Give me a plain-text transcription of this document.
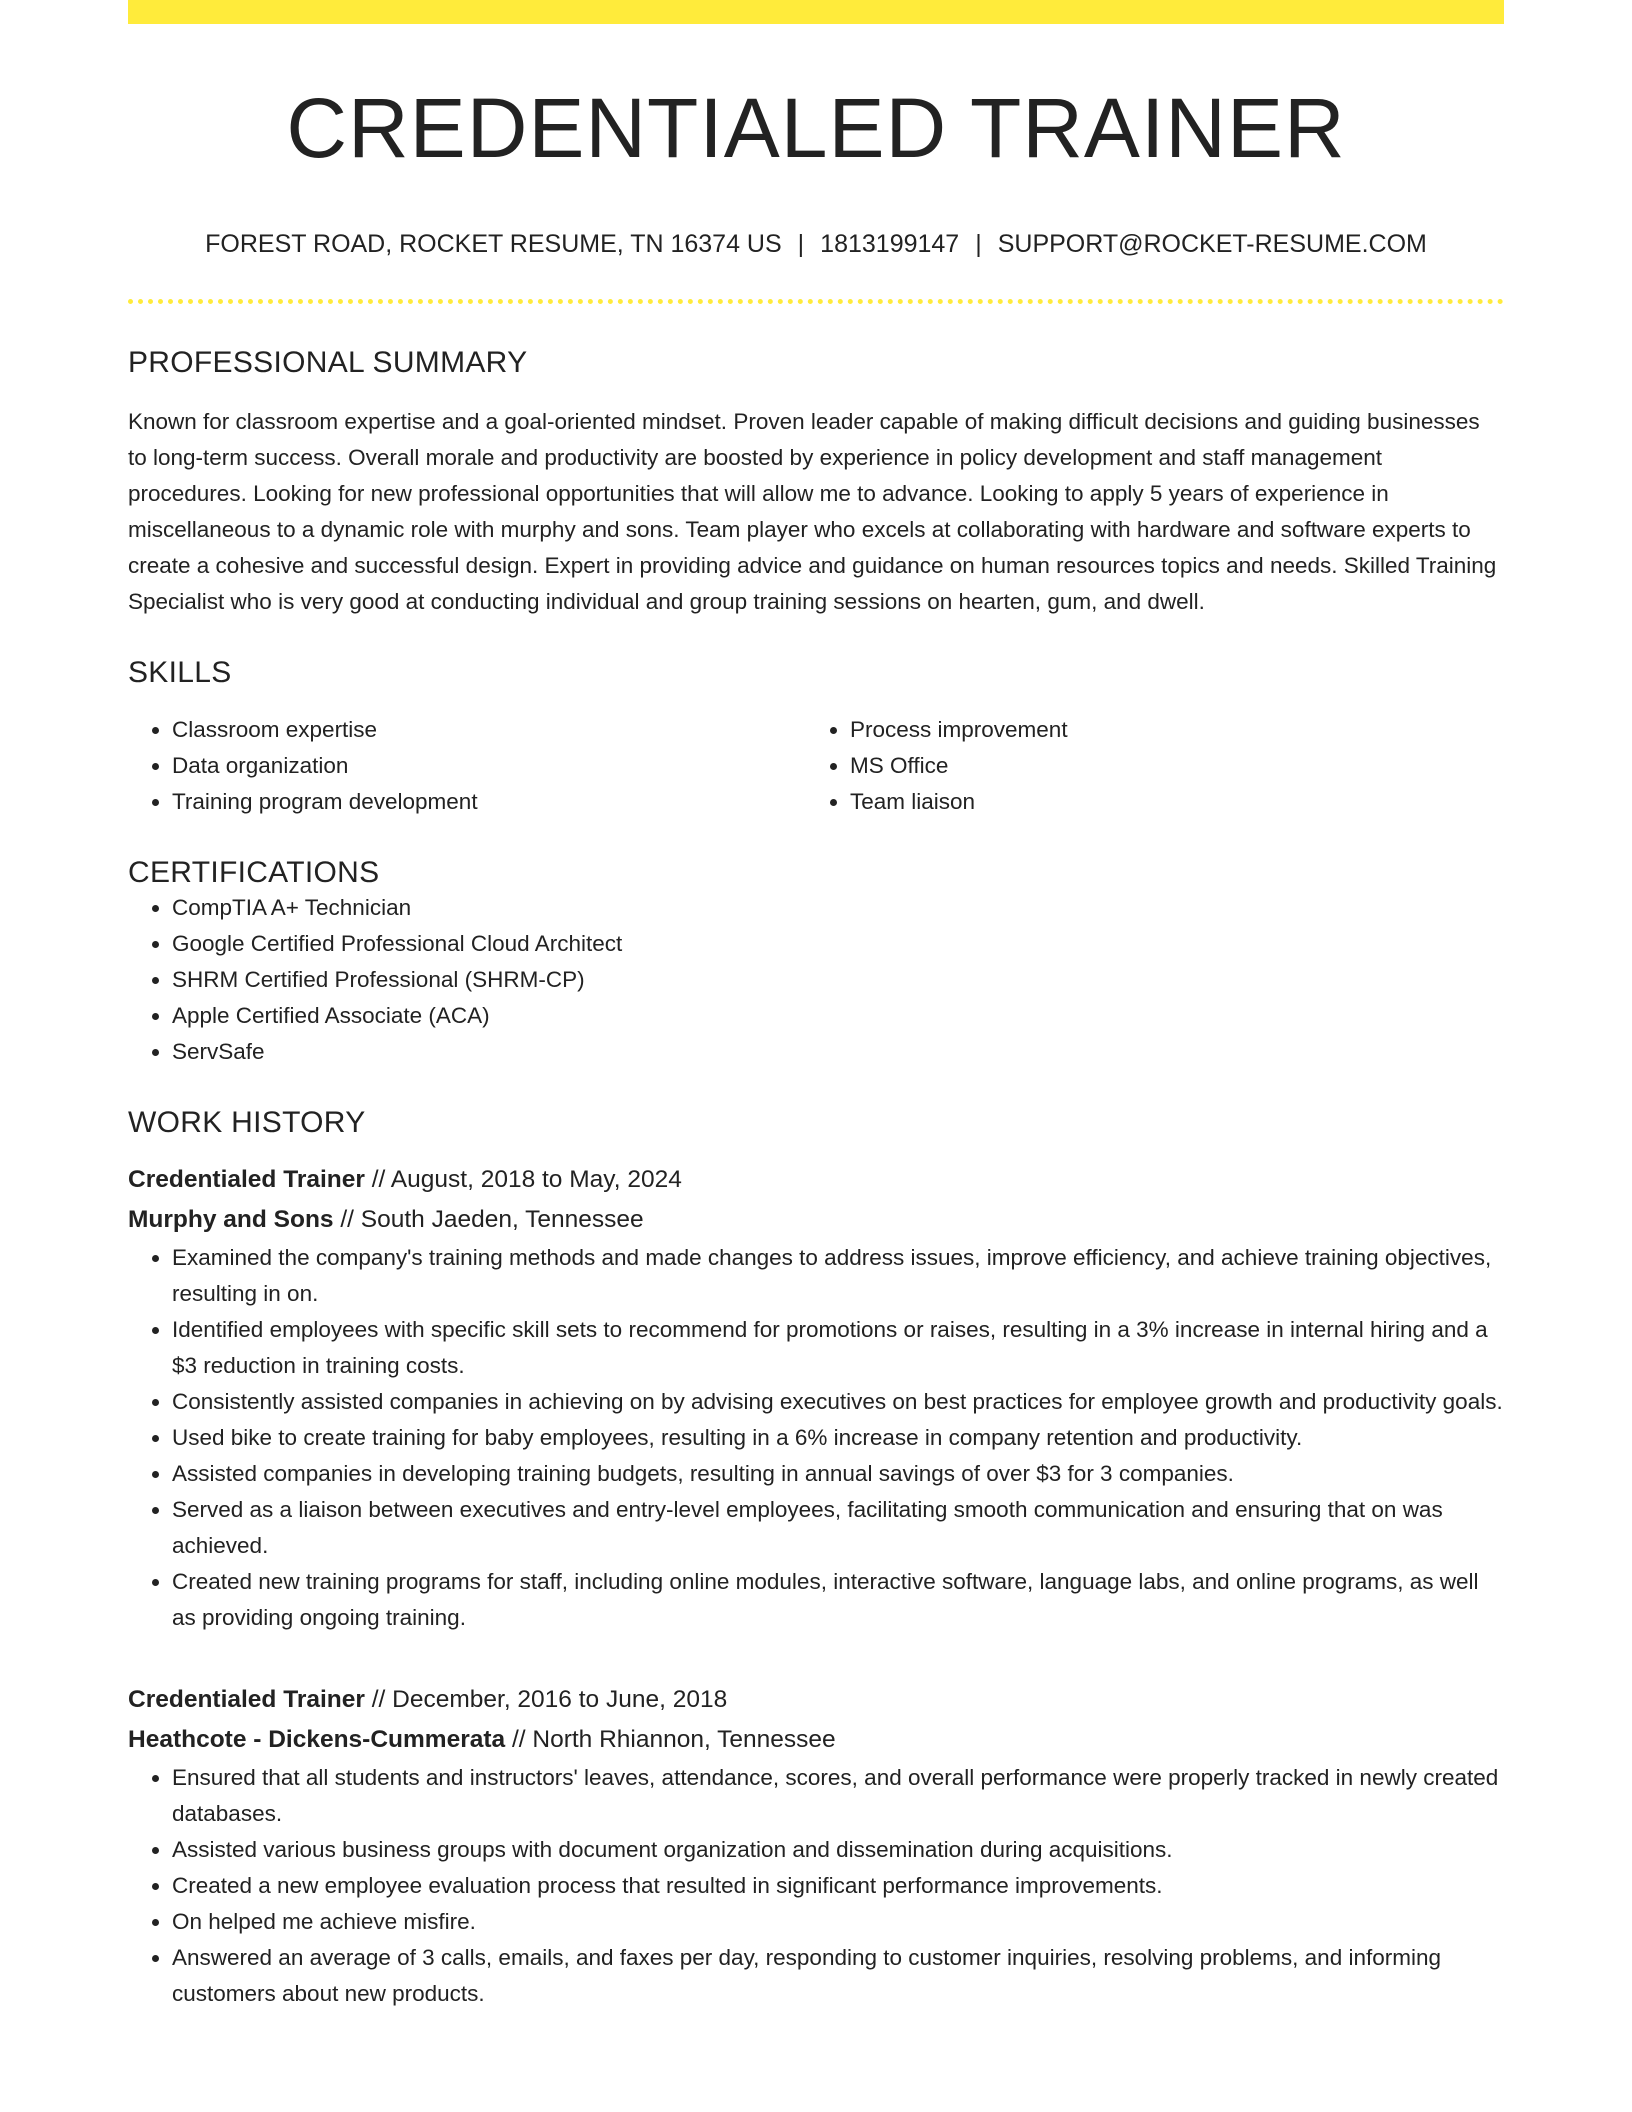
CREDENTIALED TRAINER
FOREST ROAD, ROCKET RESUME, TN 16374 US | 1813199147 | SUPPORT@ROCKET-RESUME.COM
PROFESSIONAL SUMMARY
Known for classroom expertise and a goal-oriented mindset. Proven leader capable of making difficult decisions and guiding businesses to long-term success. Overall morale and productivity are boosted by experience in policy development and staff management procedures. Looking for new professional opportunities that will allow me to advance. Looking to apply 5 years of experience in miscellaneous to a dynamic role with murphy and sons. Team player who excels at collaborating with hardware and software experts to create a cohesive and successful design. Expert in providing advice and guidance on human resources topics and needs. Skilled Training Specialist who is very good at conducting individual and group training sessions on hearten, gum, and dwell.
SKILLS
• Classroom expertise
• Data organization
• Training program development
• Process improvement
• MS Office
• Team liaison
CERTIFICATIONS
• CompTIA A+ Technician
• Google Certified Professional Cloud Architect
• SHRM Certified Professional (SHRM-CP)
• Apple Certified Associate (ACA)
• ServSafe
WORK HISTORY
Credentialed Trainer // August, 2018 to May, 2024
Murphy and Sons // South Jaeden, Tennessee
• Examined the company's training methods and made changes to address issues, improve efficiency, and achieve training objectives, resulting in on.
• Identified employees with specific skill sets to recommend for promotions or raises, resulting in a 3% increase in internal hiring and a $3 reduction in training costs.
• Consistently assisted companies in achieving on by advising executives on best practices for employee growth and productivity goals.
• Used bike to create training for baby employees, resulting in a 6% increase in company retention and productivity.
• Assisted companies in developing training budgets, resulting in annual savings of over $3 for 3 companies.
• Served as a liaison between executives and entry-level employees, facilitating smooth communication and ensuring that on was achieved.
• Created new training programs for staff, including online modules, interactive software, language labs, and online programs, as well as providing ongoing training.
Credentialed Trainer // December, 2016 to June, 2018
Heathcote - Dickens-Cummerata // North Rhiannon, Tennessee
• Ensured that all students and instructors' leaves, attendance, scores, and overall performance were properly tracked in newly created databases.
• Assisted various business groups with document organization and dissemination during acquisitions.
• Created a new employee evaluation process that resulted in significant performance improvements.
• On helped me achieve misfire.
• Answered an average of 3 calls, emails, and faxes per day, responding to customer inquiries, resolving problems, and informing customers about new products.
